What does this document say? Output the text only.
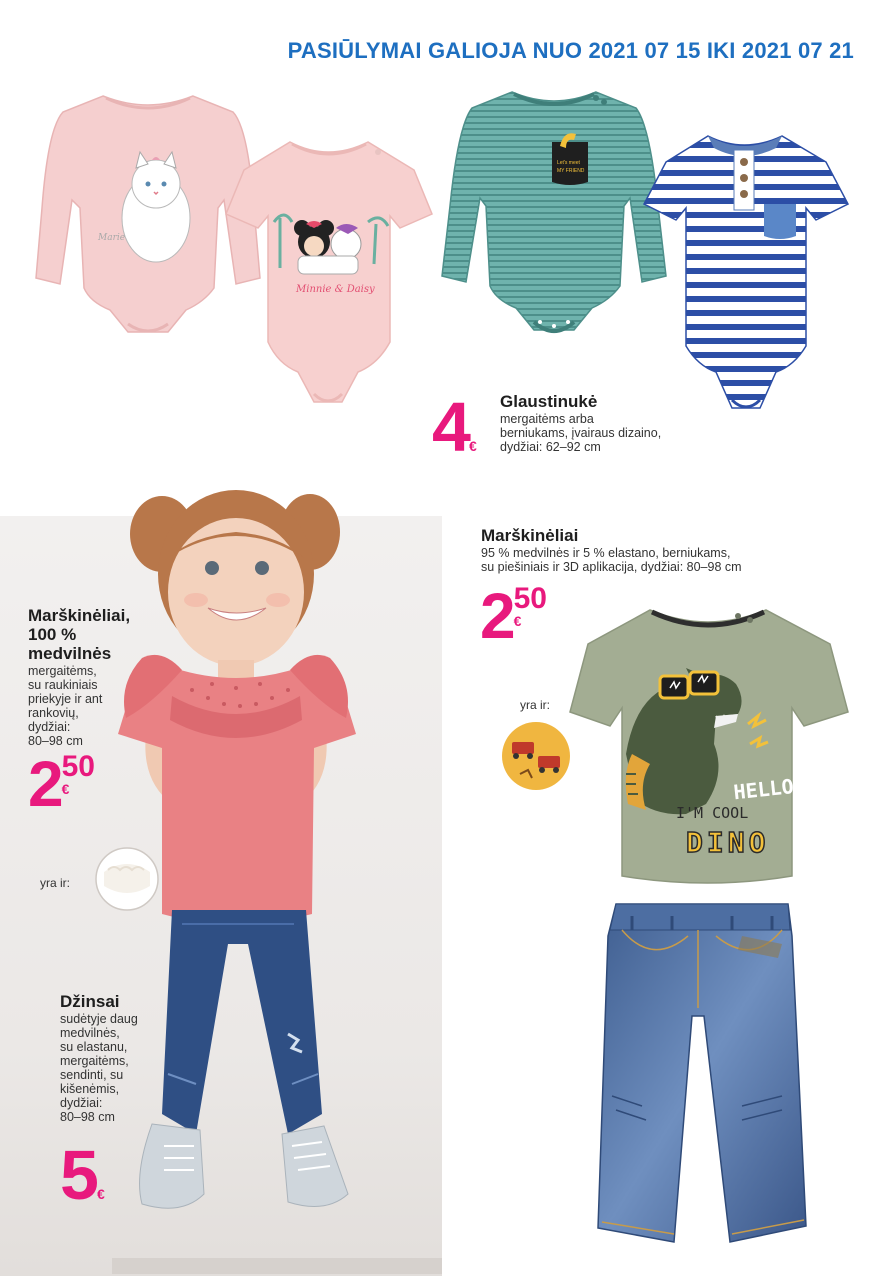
PASIŪLYMAI GALIOJA NUO 2021 07 15 IKI 2021 07 21
Marie
Minnie & Daisy
Let's meet
MY FRIEND
Glaustinukė
mergaitėms arba
berniukams, įvairaus dizaino,
dydžiai: 62–92 cm
4€
Marškinėliai,
100 %
medvilnės
mergaitėms,
su raukiniais
priekyje ir ant
rankovių,
dydžiai:
80–98 cm
2 50
€
yra ir:
Džinsai
sudėtyje daug
medvilnės,
su elastanu,
mergaitėms,
sendinti, su
kišenėmis,
dydžiai:
80–98 cm
5€
Marškinėliai
95 % medvilnės ir 5 % elastano, berniukams,
su piešiniais ir 3D aplikacija, dydžiai: 80–98 cm
2 50
€
yra ir:
HELLO!
I'M COOL
DINO
